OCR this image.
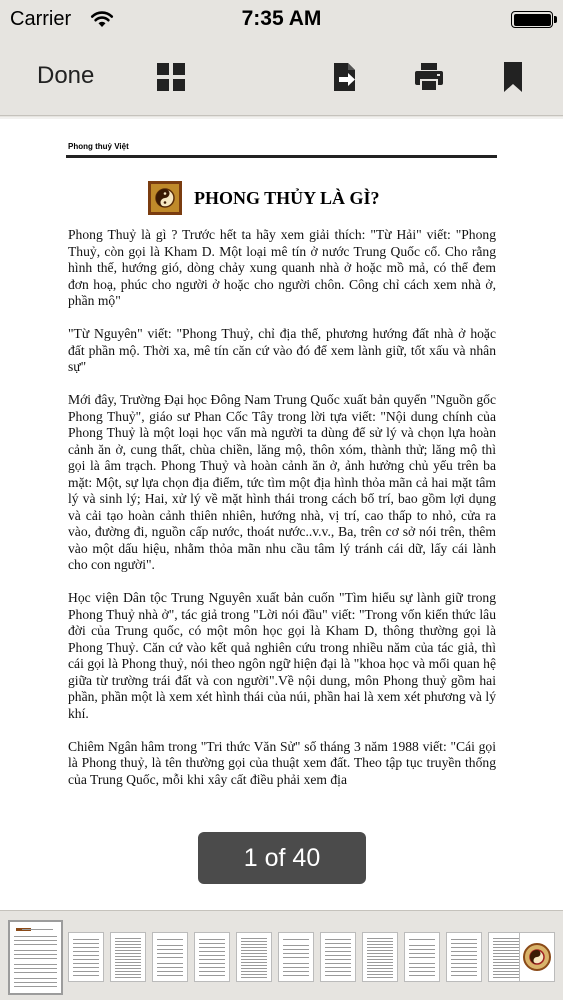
Carrier	7:35 AM
Done
Phong thuỷ Việt
PHONG THỦY LÀ GÌ?

Phong Thuỷ là gì ? Trước hết ta hãy xem giải thích: "Từ Hải" viết: "Phong Thuỷ, còn gọi là Kham D. Một loại mê tín ở nước Trung Quốc cổ. Cho rằng hình thế, hướng gió, dòng chảy xung quanh nhà ở hoặc mồ mả, có thể đem đơn hoạ, phúc cho người ở hoặc cho người chôn. Công chỉ cách xem nhà ở, phần mộ"

"Từ Nguyên" viết: "Phong Thuỷ, chỉ địa thế, phương hướng đất nhà ở hoặc đất phần mộ. Thời xa, mê tín căn cứ vào đó để xem lành giữ, tốt xấu và nhân sự"

Mới đây, Trường Đại học Đông Nam Trung Quốc xuất bản quyển "Nguồn gốc Phong Thuỷ", giáo sư Phan Cốc Tây trong lời tựa viết: "Nội dung chính của Phong Thuỷ là một loại học vấn mà người ta dùng để sử lý và chọn lựa hoàn cảnh ăn ở, cung thất, chùa chiền, lăng mộ, thôn xóm, thành thử; lăng mộ thì gọi là âm trạch. Phong Thuỷ và hoàn cảnh ăn ở, ảnh hưởng chủ yếu trên ba mặt: Một, sự lựa chọn địa điểm, tức tìm một địa hình thỏa mãn cả hai mặt tâm lý và sinh lý; Hai, xử lý về mặt hình thái trong cách bố trí, bao gồm lợi dụng và cải tạo hoàn cảnh thiên nhiên, hướng nhà, vị trí, cao thấp to nhỏ, cửa ra vào, đường đi, nguồn cấp nước, thoát nước..v.v., Ba, trên cơ sở nói trên, thêm vào một dấu hiệu, nhằm thỏa mãn nhu cầu tâm lý tránh cái dữ, lấy cái lành cho con người".

Học viện Dân tộc Trung Nguyên xuất bản cuốn "Tìm hiểu sự lành giữ trong Phong Thuỷ nhà ở", tác giả trong "Lời nói đầu" viết: "Trong vốn kiến thức lâu đời của Trung quốc, có một môn học gọi là Kham D, thông thường gọi là Phong Thuỷ. Căn cứ vào kết quả nghiên cứu trong nhiều năm của tác giả, thì cái gọi là Phong thuỷ, nói theo ngôn ngữ hiện đại là "khoa học và mối quan hệ giữa từ trường trái đất và con người".Về nội dung, môn Phong thuỷ gồm hai phần, phần một là xem xét hình thái của núi, phần hai là xem xét phương và lý khí.

Chiêm Ngân hâm trong "Tri thức Văn Sử" số tháng 3 năm 1988 viết: "Cái gọi là Phong thuỷ, là tên thường gọi của thuật xem đất. Theo tập tục truyền thống của Trung Quốc, mỗi khi xây cất điều phải xem địa

1 of 40
